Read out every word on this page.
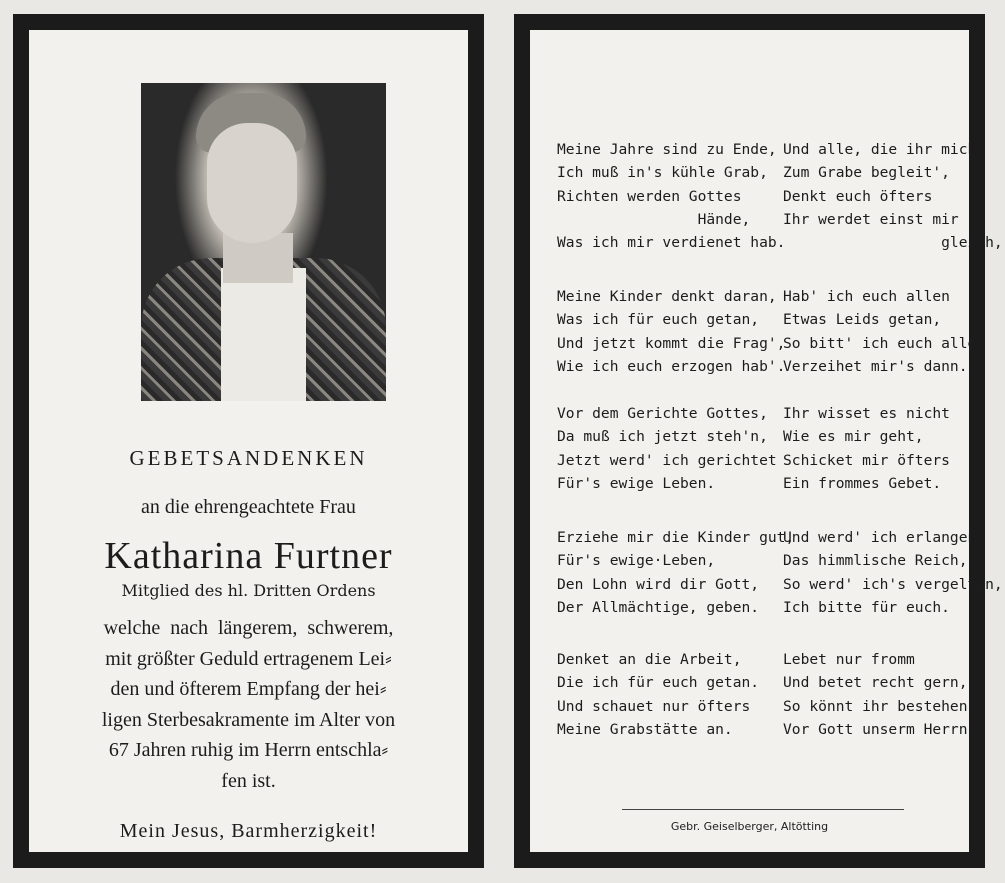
GEBETSANDENKEN
an die ehrengeachtete Frau
Katharina Furtner
Mitglied des hl. Dritten Ordens
welche  nach  längerem,  schwerem,
mit größter Geduld ertragenem Lei⸗
den und öfterem Empfang der hei⸗
ligen Sterbesakramente im Alter von
67 Jahren ruhig im Herrn entschla⸗
fen ist.
Mein Jesus, Barmherzigkeit!
Meine Jahre sind zu Ende,
Ich muß in's kühle Grab,
Richten werden Gottes
Hände,
Was ich mir verdienet hab.
Meine Kinder denkt daran,
Was ich für euch getan,
Und jetzt kommt die Frag',
Wie ich euch erzogen hab'.
Vor dem Gerichte Gottes,
Da muß ich jetzt steh'n,
Jetzt werd' ich gerichtet
Für's ewige Leben.
Erziehe mir die Kinder gut,
Für's ewige·Leben,
Den Lohn wird dir Gott,
Der Allmächtige, geben.
Denket an die Arbeit,
Die ich für euch getan.
Und schauet nur öfters
Meine Grabstätte an.
Und alle, die ihr mich
Zum Grabe begleit',
Denkt euch öfters
Ihr werdet einst mir
gleich,
Hab' ich euch allen
Etwas Leids getan,
So bitt' ich euch alle,
Verzeihet mir's dann.
Ihr wisset es nicht
Wie es mir geht,
Schicket mir öfters
Ein frommes Gebet.
Und werd' ich erlangen,
Das himmlische Reich,
So werd' ich's vergelten,
Ich bitte für euch.
Lebet nur fromm
Und betet recht gern,
So könnt ihr bestehen
Vor Gott unserm Herrn.
Gebr. Geiselberger, Altötting
